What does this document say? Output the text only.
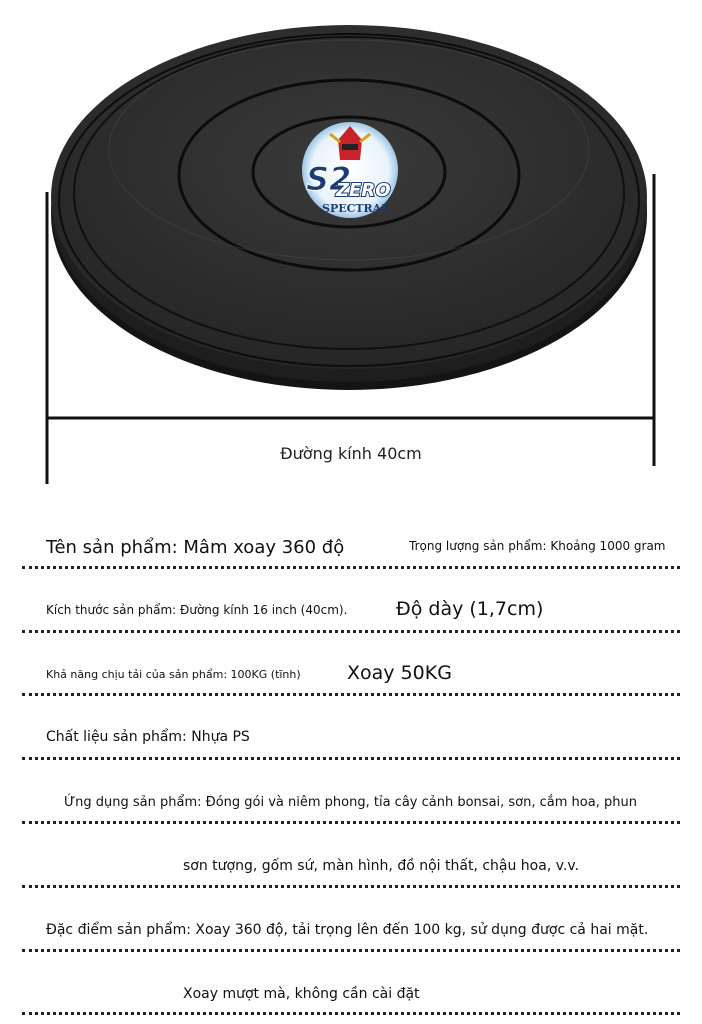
S2
ZERO
SPECTRAL
Đường kính 40cm
Tên sản phẩm: Mâm xoay 360 độ	Trọng lượng sản phẩm: Khoảng 1000 gram
Kích thước sản phẩm: Đường kính 16 inch (40cm).	Độ dày (1,7cm)
Khả năng chịu tải của sản phẩm: 100KG (tĩnh) Xoay 50KG
Chất liệu sản phẩm: Nhựa PS
Ứng dụng sản phẩm: Đóng gói và niêm phong, tỉa cây cảnh bonsai, sơn, cắm hoa, phun
sơn tượng, gốm sứ, màn hình, đồ nội thất, chậu hoa, v.v.
Đặc điểm sản phẩm: Xoay 360 độ, tải trọng lên đến 100 kg, sử dụng được cả hai mặt.
Xoay mượt mà, không cần cài đặt
